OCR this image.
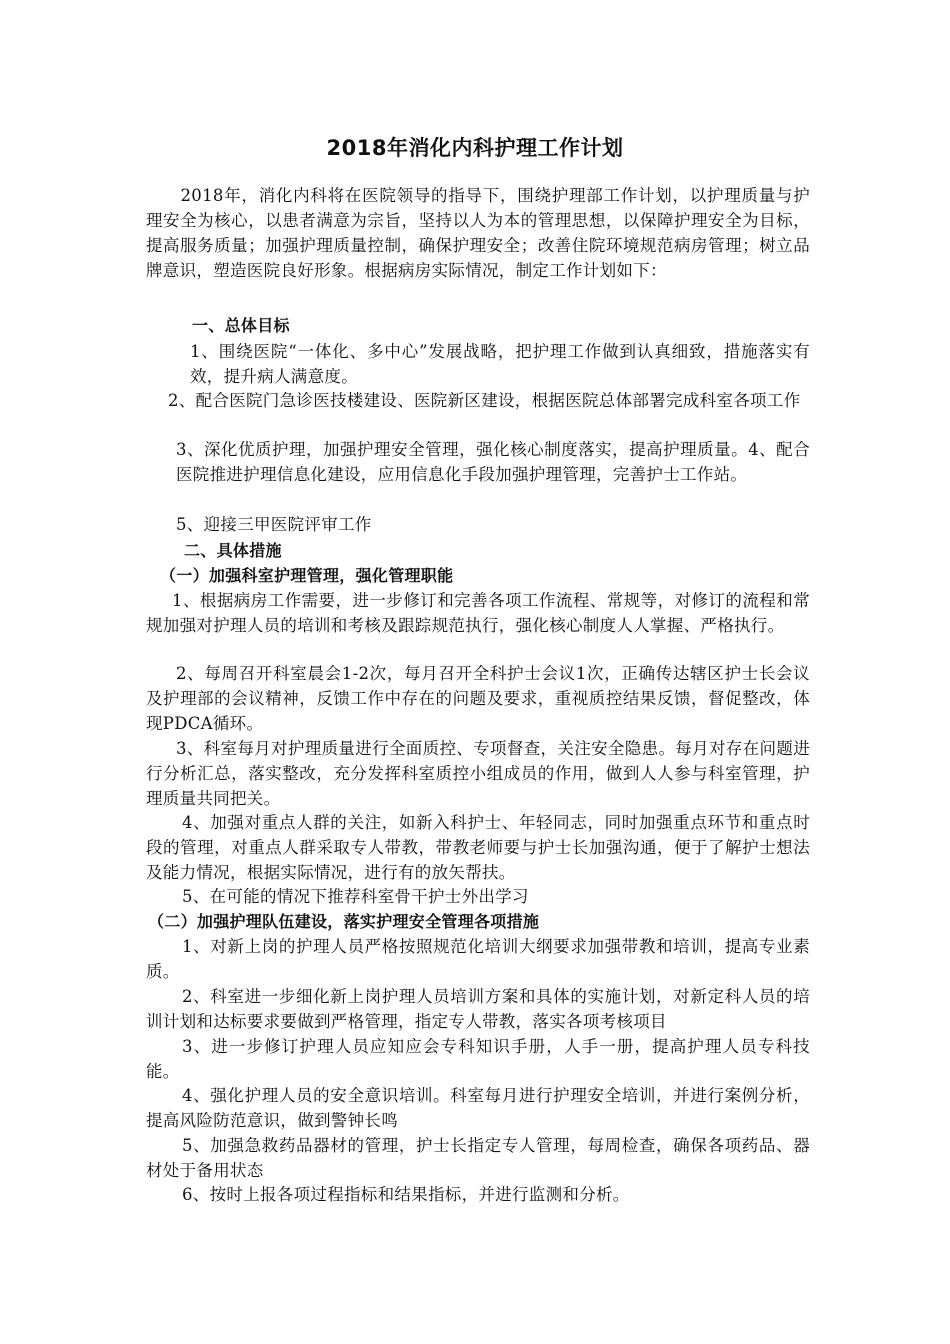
2018年消化内科护理工作计划

　　2018年，消化内科将在医院领导的指导下，围绕护理部工作计划，以护理质量与护理安全为核心，以患者满意为宗旨，坚持以人为本的管理思想，以保障护理安全为目标，提高服务质量；加强护理质量控制，确保护理安全；改善住院环境规范病房管理；树立品牌意识，塑造医院良好形象。根据病房实际情况，制定工作计划如下：

一、总体目标

1、围绕医院“一体化、多中心”发展战略，把护理工作做到认真细致，措施落实有效，提升病人满意度。

2、配合医院门急诊医技楼建设、医院新区建设，根据医院总体部署完成科室各项工作

3、深化优质护理，加强护理安全管理，强化核心制度落实，提高护理质量。4、配合医院推进护理信息化建设，应用信息化手段加强护理管理，完善护士工作站。

5、迎接三甲医院评审工作

二、具体措施

（一）加强科室护理管理，强化管理职能

1、根据病房工作需要，进一步修订和完善各项工作流程、常规等，对修订的流程和常规加强对护理人员的培训和考核及跟踪规范执行，强化核心制度人人掌握、严格执行。

2、每周召开科室晨会1-2次，每月召开全科护士会议1次，正确传达辖区护士长会议及护理部的会议精神，反馈工作中存在的问题及要求，重视质控结果反馈，督促整改，体现PDCA循环。

3、科室每月对护理质量进行全面质控、专项督查，关注安全隐患。每月对存在问题进行分析汇总，落实整改，充分发挥科室质控小组成员的作用，做到人人参与科室管理，护理质量共同把关。

4、加强对重点人群的关注，如新入科护士、年轻同志，同时加强重点环节和重点时段的管理，对重点人群采取专人带教，带教老师要与护士长加强沟通，便于了解护士想法及能力情况，根据实际情况，进行有的放矢帮扶。

5、在可能的情况下推荐科室骨干护士外出学习

（二）加强护理队伍建设，落实护理安全管理各项措施

1、对新上岗的护理人员严格按照规范化培训大纲要求加强带教和培训，提高专业素质。

2、科室进一步细化新上岗护理人员培训方案和具体的实施计划，对新定科人员的培训计划和达标要求要做到严格管理，指定专人带教，落实各项考核项目

3、进一步修订护理人员应知应会专科知识手册，人手一册，提高护理人员专科技能。

4、强化护理人员的安全意识培训。科室每月进行护理安全培训，并进行案例分析，提高风险防范意识，做到警钟长鸣

5、加强急救药品器材的管理，护士长指定专人管理，每周检查，确保各项药品、器材处于备用状态

6、按时上报各项过程指标和结果指标，并进行监测和分析。
